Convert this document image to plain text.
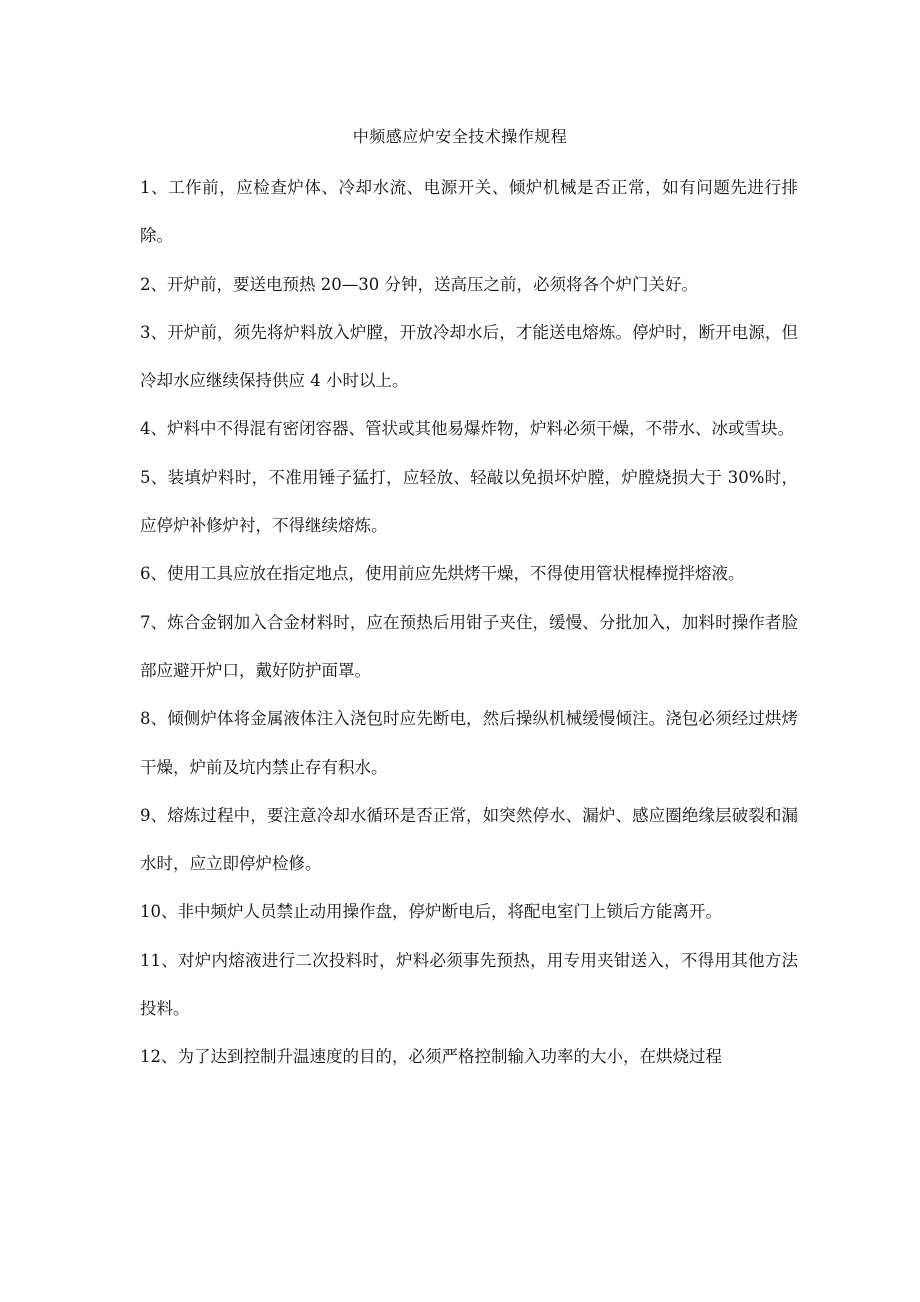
中频感应炉安全技术操作规程

1、工作前，应检查炉体、冷却水流、电源开关、倾炉机械是否正常，如有问题先进行排除。

2、开炉前，要送电预热 20—30 分钟，送高压之前，必须将各个炉门关好。

3、开炉前，须先将炉料放入炉膛，开放冷却水后，才能送电熔炼。停炉时，断开电源，但冷却水应继续保持供应 4 小时以上。

4、炉料中不得混有密闭容器、管状或其他易爆炸物，炉料必须干燥，不带水、冰或雪块。

5、装填炉料时，不准用锤子猛打，应轻放、轻敲以免损坏炉膛，炉膛烧损大于 30%时，应停炉补修炉衬，不得继续熔炼。

6、使用工具应放在指定地点，使用前应先烘烤干燥，不得使用管状棍棒搅拌熔液。

7、炼合金钢加入合金材料时，应在预热后用钳子夹住，缓慢、分批加入，加料时操作者脸部应避开炉口，戴好防护面罩。

8、倾侧炉体将金属液体注入浇包时应先断电，然后操纵机械缓慢倾注。浇包必须经过烘烤干燥，炉前及坑内禁止存有积水。

9、熔炼过程中，要注意冷却水循环是否正常，如突然停水、漏炉、感应圈绝缘层破裂和漏水时，应立即停炉检修。

10、非中频炉人员禁止动用操作盘，停炉断电后，将配电室门上锁后方能离开。

11、对炉内熔液进行二次投料时，炉料必须事先预热，用专用夹钳送入，不得用其他方法投料。

12、为了达到控制升温速度的目的，必须严格控制输入功率的大小，在烘烧过程
